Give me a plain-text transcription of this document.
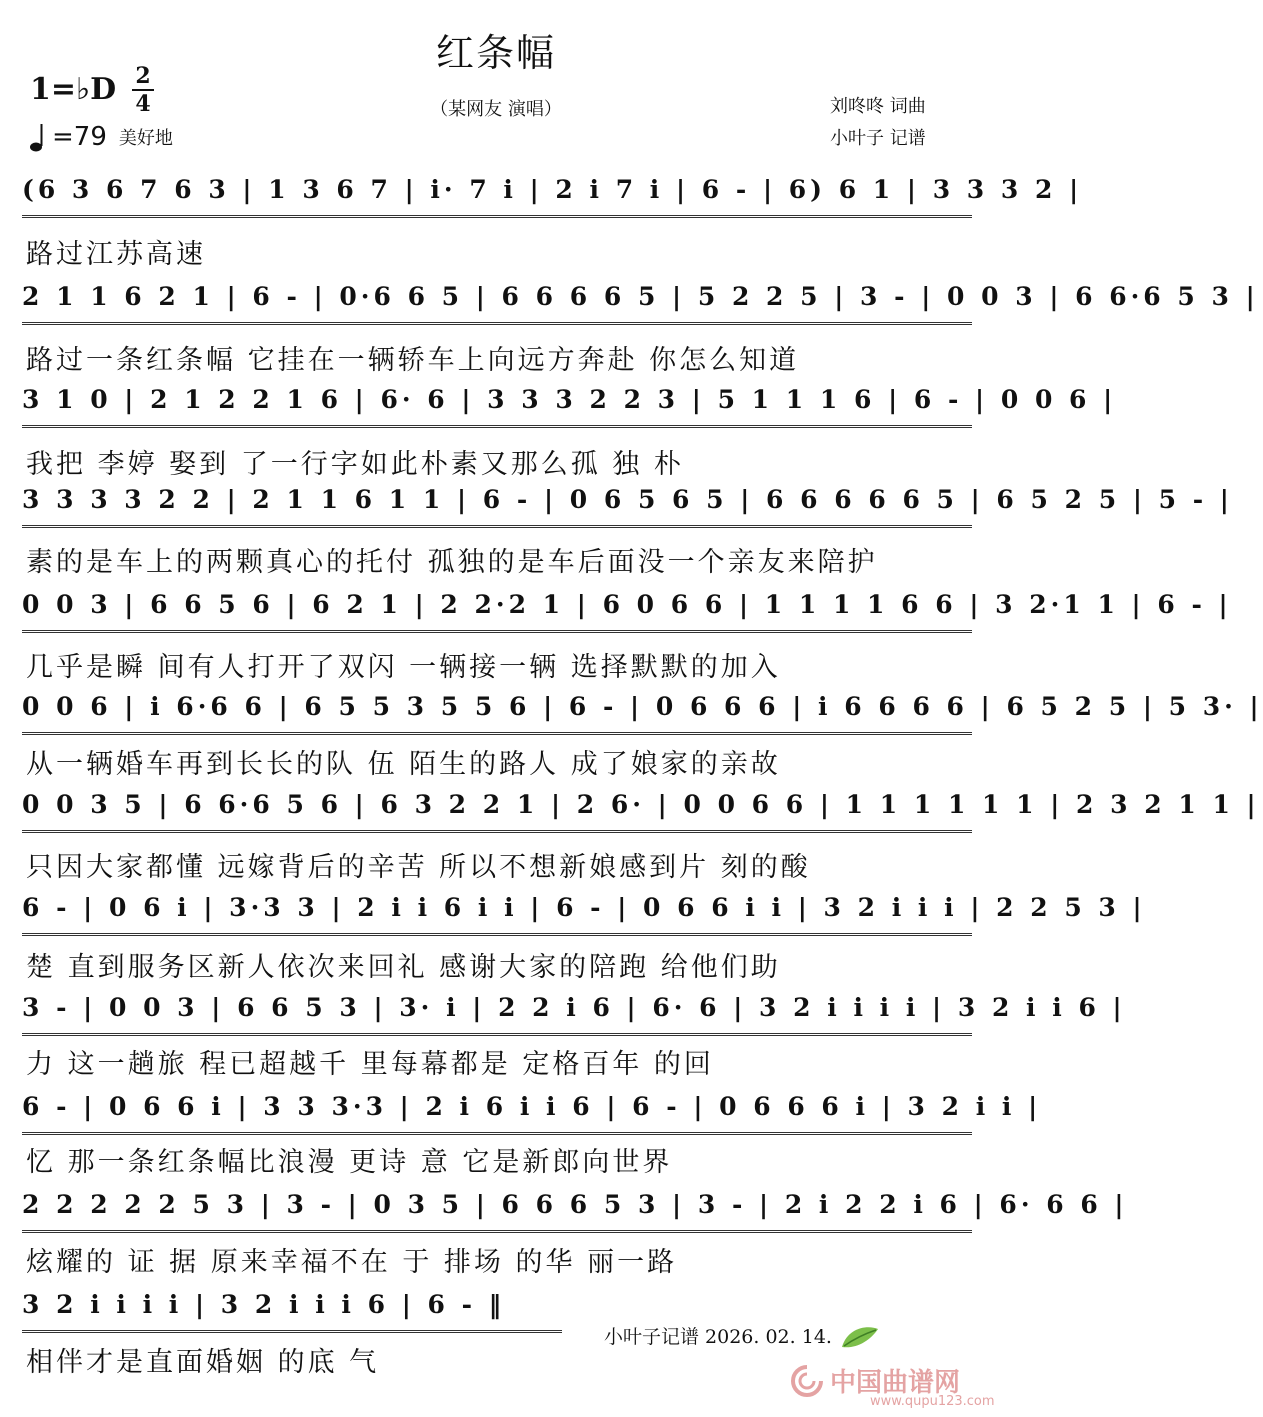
红条幅
（某网友 演唱）
1=♭D 2
4
=79 美好地
刘咚咚 词曲
小叶子 记谱
(6 3 6 7 6 3 | 1 3 6 7 | i· 7 i | 2 i 7 i | 6 - | 6) 6 1 | 3 3 3 2 |
路过江苏高速
2 1 1 6 2 1 | 6 - | 0·6 6 5 | 6 6 6 6 5 | 5 2 2 5 | 3 - | 0 0 3 | 6 6·6 5 3 |
路过一条红条幅 它挂在一辆轿车上向远方奔赴 你怎么知道
3 1 0 | 2 1 2 2 1 6 | 6· 6 | 3 3 3 2 2 3 | 5 1 1 1 6 | 6 - | 0 0 6 |
我把 李婷 娶到 了一行字如此朴素又那么孤 独 朴
3 3 3 3 2 2 | 2 1 1 6 1 1 | 6 - | 0 6 5 6 5 | 6 6 6 6 6 5 | 6 5 2 5 | 5 - |
素的是车上的两颗真心的托付 孤独的是车后面没一个亲友来陪护
0 0 3 | 6 6 5 6 | 6 2 1 | 2 2·2 1 | 6 0 6 6 | 1 1 1 1 6 6 | 3 2·1 1 | 6 - |
几乎是瞬 间有人打开了双闪 一辆接一辆 选择默默的加入
0 0 6 | i 6·6 6 | 6 5 5 3 5 5 6 | 6 - | 0 6 6 6 | i 6 6 6 6 | 6 5 2 5 | 5 3· |
从一辆婚车再到长长的队 伍 陌生的路人 成了娘家的亲故
0 0 3 5 | 6 6·6 5 6 | 6 3 2 2 1 | 2 6· | 0 0 6 6 | 1 1 1 1 1 1 | 2 3 2 1 1 |
只因大家都懂 远嫁背后的辛苦 所以不想新娘感到片 刻的酸
6 - | 0 6 i | 3·3 3 | 2 i i 6 i i | 6 - | 0 6 6 i i | 3 2 i i i | 2 2 5 3 |
楚 直到服务区新人依次来回礼 感谢大家的陪跑 给他们助
3 - | 0 0 3 | 6 6 5 3 | 3· i | 2 2 i 6 | 6· 6 | 3 2 i i i i | 3 2 i i 6 |
力 这一趟旅 程已超越千 里每幕都是 定格百年 的回
6 - | 0 6 6 i | 3 3 3·3 | 2 i 6 i i 6 | 6 - | 0 6 6 6 i | 3 2 i i |
忆 那一条红条幅比浪漫 更诗 意 它是新郎向世界
2 2 2 2 2 5 3 | 3 - | 0 3 5 | 6 6 6 5 3 | 3 - | 2 i 2 2 i 6 | 6· 6 6 |
炫耀的 证 据 原来幸福不在 于 排场 的华 丽一路
3 2 i i i i | 3 2 i i i 6 | 6 - ‖
相伴才是直面婚姻 的底 气
小叶子记谱 2026. 02. 14.
中国曲谱网
www.qupu123.com
